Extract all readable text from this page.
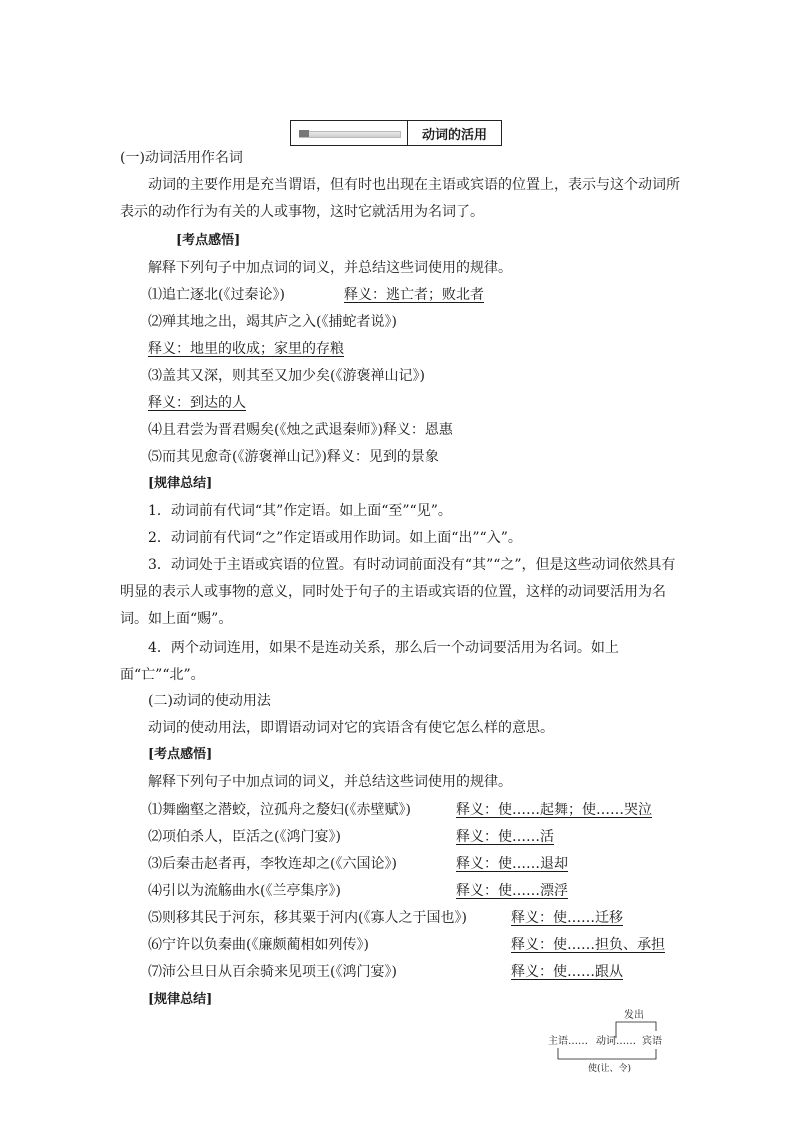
动词的活用
(一)动词活用作名词
动词的主要作用是充当谓语，但有时也出现在主语或宾语的位置上，表示与这个动词所表示的动作行为有关的人或事物，这时它就活用为名词了。
[考点感悟]
解释下列句子中加点词的词义，并总结这些词使用的规律。
⑴追亡逐北(《过秦论》)	释义：逃亡者；败北者
⑵殚其地之出，竭其庐之入(《捕蛇者说》)
释义：地里的收成；家里的存粮
⑶盖其又深，则其至又加少矣(《游褒禅山记》)
释义：到达的人
⑷且君尝为晋君赐矣(《烛之武退秦师》)释义：恩惠
⑸而其见愈奇(《游褒禅山记》)释义：见到的景象
[规律总结]
1．动词前有代词“其”作定语。如上面“至”“见”。
2．动词前有代词“之”作定语或用作助词。如上面“出”“入”。
3．动词处于主语或宾语的位置。有时动词前面没有“其”“之”，但是这些动词依然具有明显的表示人或事物的意义，同时处于句子的主语或宾语的位置，这样的动词要活用为名词。如上面“赐”。
4．两个动词连用，如果不是连动关系，那么后一个动词要活用为名词。如上面“亡”“北”。
(二)动词的使动用法
动词的使动用法，即谓语动词对它的宾语含有使它怎么样的意思。
[考点感悟]
解释下列句子中加点词的词义，并总结这些词使用的规律。
⑴舞幽壑之潜蛟，泣孤舟之嫠妇(《赤壁赋》)	释义：使……起舞；使……哭泣
⑵项伯杀人，臣活之(《鸿门宴》)	释义：使……活
⑶后秦击赵者再，李牧连却之(《六国论》)	释义：使……退却
⑷引以为流觞曲水(《兰亭集序》)	释义：使……漂浮
⑸则移其民于河东，移其粟于河内(《寡人之于国也》)	释义：使……迁移
⑹宁许以负秦曲(《廉颇蔺相如列传》)	释义：使……担负、承担
⑺沛公旦日从百余骑来见项王(《鸿门宴》)	释义：使……跟从
[规律总结]
发出
主语 …… 动词 …… 宾语
使(让、令)
